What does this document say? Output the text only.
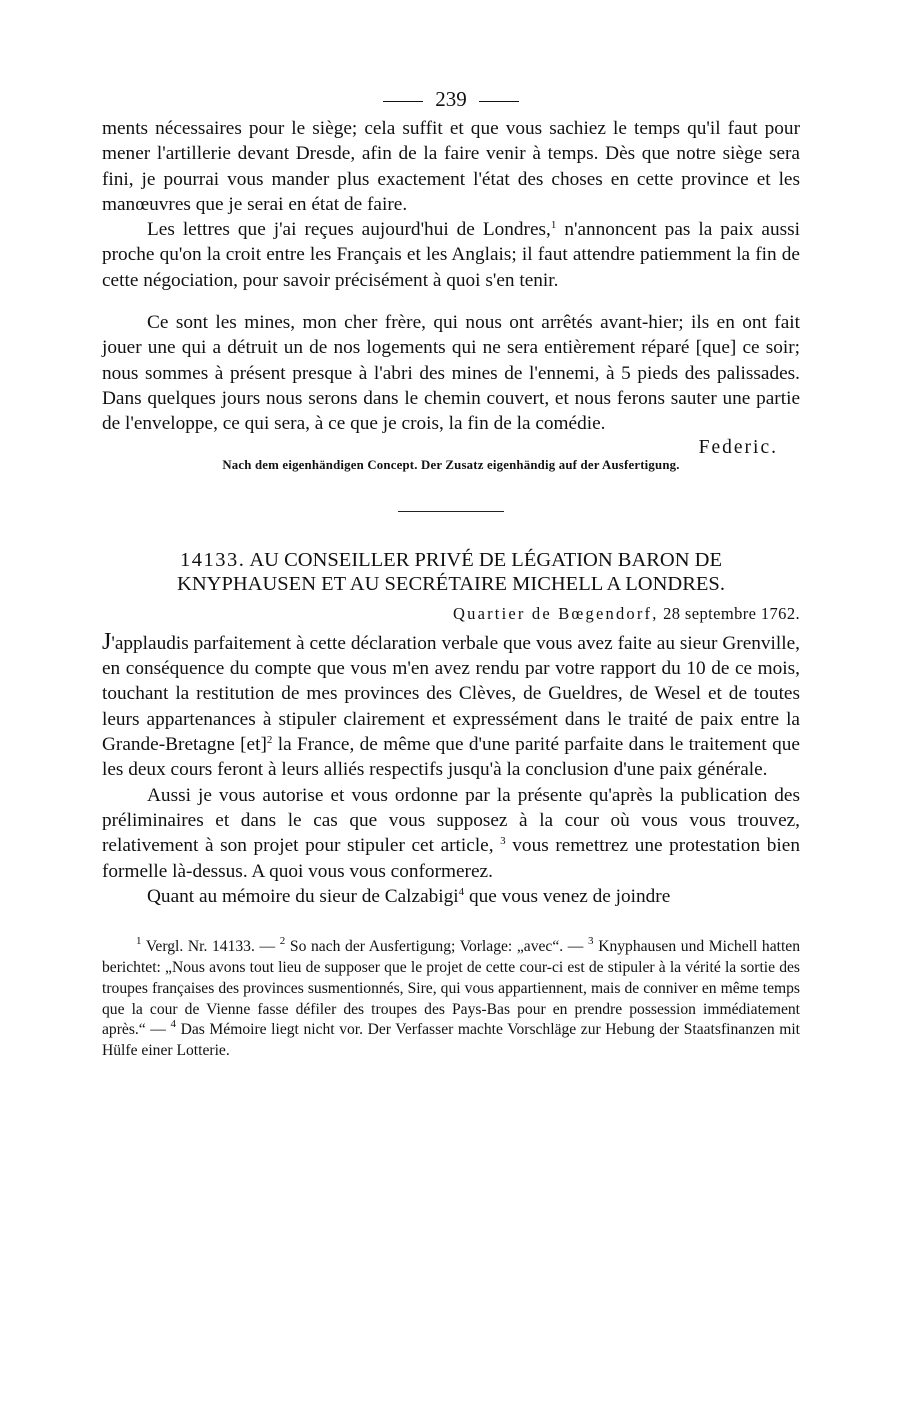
239

ments nécessaires pour le siège; cela suffit et que vous sachiez le temps qu'il faut pour mener l'artillerie devant Dresde, afin de la faire venir à temps. Dès que notre siège sera fini, je pourrai vous mander plus exactement l'état des choses en cette province et les manœuvres que je serai en état de faire.

Les lettres que j'ai reçues aujourd'hui de Londres,$^1$ n'annoncent pas la paix aussi proche qu'on la croit entre les Français et les Anglais; il faut attendre patiemment la fin de cette négociation, pour savoir précisément à quoi s'en tenir.

Ce sont les mines, mon cher frère, qui nous ont arrêtés avant-hier; ils en ont fait jouer une qui a détruit un de nos logements qui ne sera entièrement réparé [que] ce soir; nous sommes à présent presque à l'abri des mines de l'ennemi, à 5 pieds des palissades. Dans quelques jours nous serons dans le chemin couvert, et nous ferons sauter une partie de l'enveloppe, ce qui sera, à ce que je crois, la fin de la comédie.

Federic.

Nach dem eigenhändigen Concept. Der Zusatz eigenhändig auf der Ausfertigung.

14133. AU CONSEILLER PRIVÉ DE LÉGATION BARON DE
KNYPHAUSEN ET AU SECRÉTAIRE MICHELL A LONDRES.
Quartier de Bœgendorf, 28 septembre 1762.

J'applaudis parfaitement à cette déclaration verbale que vous avez faite au sieur Grenville, en conséquence du compte que vous m'en avez rendu par votre rapport du 10 de ce mois, touchant la restitution de mes provinces des Clèves, de Gueldres, de Wesel et de toutes leurs appartenances à stipuler clairement et expressément dans le traité de paix entre la Grande-Bretagne [et]$^2$ la France, de même que d'une parité parfaite dans le traitement que les deux cours feront à leurs alliés respectifs jusqu'à la conclusion d'une paix générale.

Aussi je vous autorise et vous ordonne par la présente qu'après la publication des préliminaires et dans le cas que vous supposez à la cour où vous vous trouvez, relativement à son projet pour stipuler cet article, $^3$ vous remettrez une protestation bien formelle là-dessus. A quoi vous vous conformerez.

Quant au mémoire du sieur de Calzabigi$^4$ que vous venez de joindre

$^1$ Vergl. Nr. 14133. — $^2$ So nach der Ausfertigung; Vorlage: „avec“. — $^3$ Knyphausen und Michell hatten berichtet: „Nous avons tout lieu de supposer que le projet de cette cour-ci est de stipuler à la vérité la sortie des troupes françaises des provinces susmentionnés, Sire, qui vous appartiennent, mais de conniver en même temps que la cour de Vienne fasse défiler des troupes des Pays-Bas pour en prendre possession immédiatement après.“ — $^4$ Das Mémoire liegt nicht vor. Der Verfasser machte Vorschläge zur Hebung der Staatsfinanzen mit Hülfe einer Lotterie.
